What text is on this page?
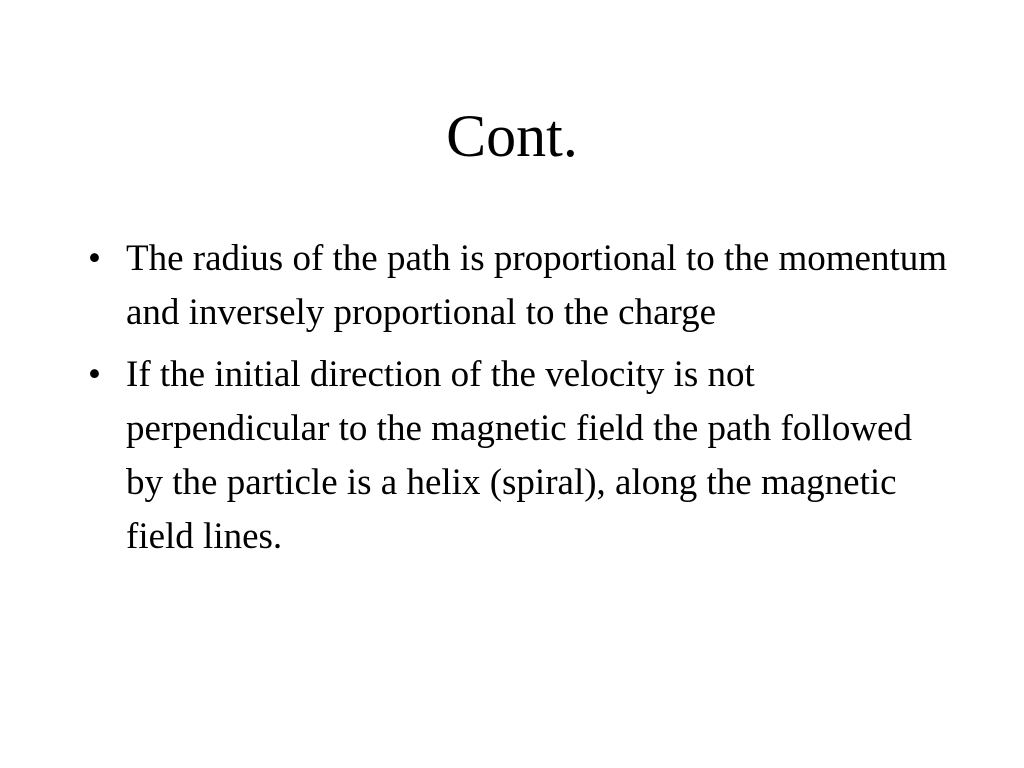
Cont.
• The radius of the path is proportional to the momentum and inversely proportional to the charge
• If the initial direction of the velocity is not perpendicular to the magnetic field the path followed by the particle is a helix (spiral), along the magnetic field lines.
